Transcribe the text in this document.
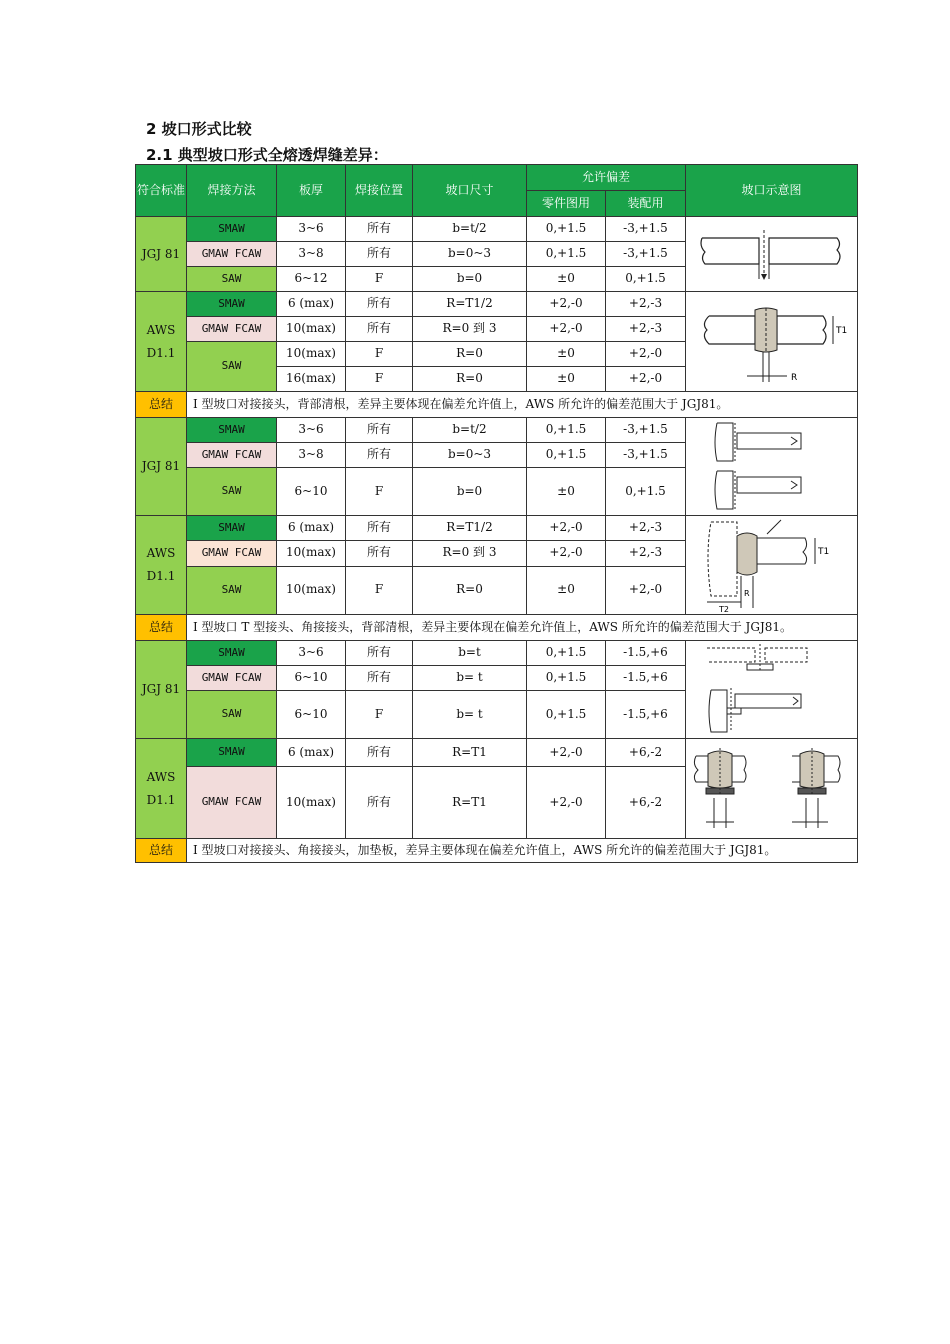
2 坡口形式比较
2.1 典型坡口形式全熔透焊缝差异：
符合标准	焊接方法	板厚	焊接位置	坡口尺寸	允许偏差		坡口示意图
					零件图用	装配用	
JGJ 81	SMAW	3~6	所有	b=t/2	0,+1.5	-3,+1.5	

	GMAW FCAW	3~8	所有	b=0~3	0,+1.5	-3,+1.5	
	SAW	6~12	F	b=0	±0	0,+1.5	
AWS D1.1	SMAW	6 (max)	所有	R=T1/2	+2,-0	+2,-3	T1
R

	GMAW FCAW	10(max)	所有	R=0 到 3	+2,-0	+2,-3	
	SAW	10(max)	F	R=0	±0	+2,-0	
		16(max)	F	R=0	±0	+2,-0	
总结	I 型坡口对接接头，背部清根，差异主要体现在偏差允许值上，AWS 所允许的偏差范围大于 JGJ81。						
JGJ 81	SMAW	3~6	所有	b=t/2	0,+1.5	-3,+1.5	

	GMAW FCAW	3~8	所有	b=0~3	0,+1.5	-3,+1.5	
	SAW	6~10	F	b=0	±0	0,+1.5	
AWS D1.1	SMAW	6 (max)	所有	R=T1/2	+2,-0	+2,-3	T1
T2
R

	GMAW FCAW	10(max)	所有	R=0 到 3	+2,-0	+2,-3	
	SAW	10(max)	F	R=0	±0	+2,-0	
总结	I 型坡口 T 型接头、角接接头，背部清根，差异主要体现在偏差允许值上，AWS 所允许的偏差范围大于 JGJ81。						
JGJ 81	SMAW	3~6	所有	b=t	0,+1.5	-1.5,+6	

	GMAW FCAW	6~10	所有	b= t	0,+1.5	-1.5,+6	
	SAW	6~10	F	b= t	0,+1.5	-1.5,+6	
AWS D1.1	SMAW	6 (max)	所有	R=T1	+2,-0	+6,-2	

	GMAW FCAW	10(max)	所有	R=T1	+2,-0	+6,-2	
总结	I 型坡口对接接头、角接接头，加垫板，差异主要体现在偏差允许值上，AWS 所允许的偏差范围大于 JGJ81。						
